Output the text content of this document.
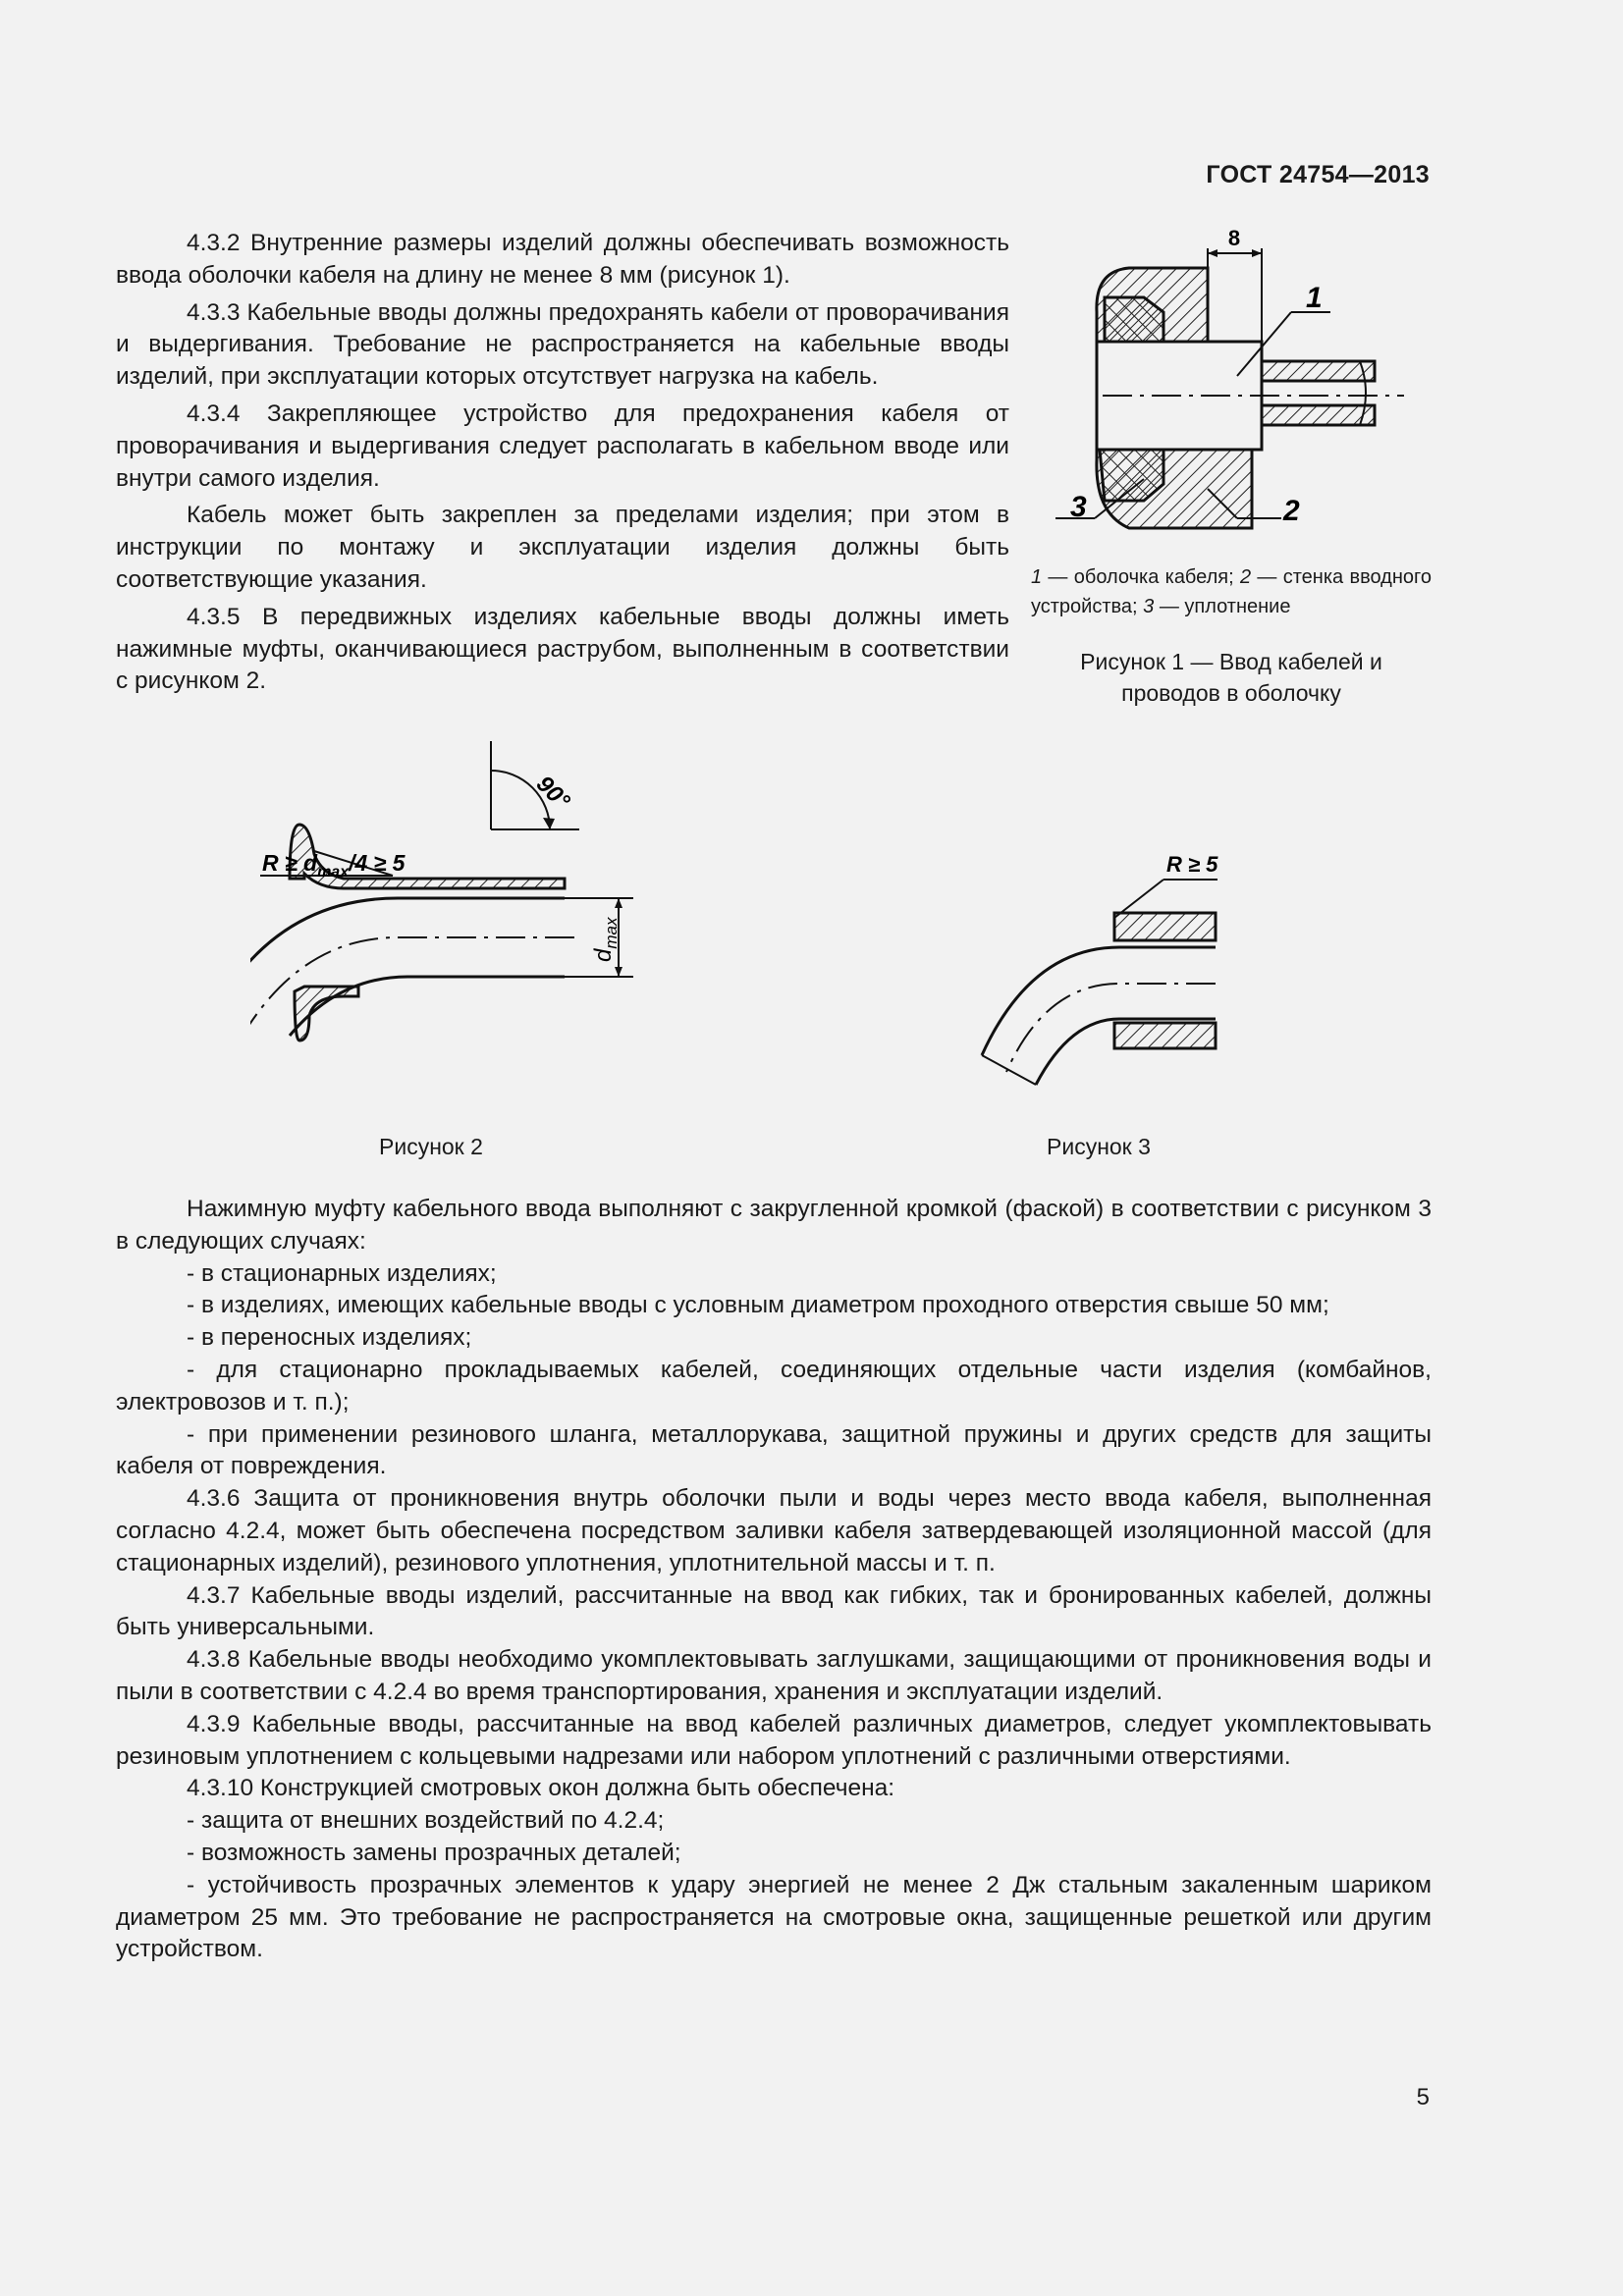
ГОСТ 24754—2013

4.3.2 Внутренние размеры изделий должны обеспечивать возможность ввода оболочки кабеля на длину не менее 8 мм (рисунок 1).

4.3.3 Кабельные вводы должны предохранять кабели от проворачивания и выдергивания. Требование не распространяется на кабельные вводы изделий, при эксплуатации которых отсутствует нагрузка на кабель.

4.3.4 Закрепляющее устройство для предохранения кабеля от проворачивания и выдергивания следует располагать в кабельном вводе или внутри самого изделия.

Кабель может быть закреплен за пределами изделия; при этом в инструкции по монтажу и эксплуатации изделия должны быть соответствующие указания.

4.3.5 В передвижных изделиях кабельные вводы должны иметь нажимные муфты, оканчивающиеся раструбом, выполненным в соответствии с рисунком 2.

8
1
2
3
1 — оболочка кабеля; 2 — стенка вводного устройства; 3 — уплотнение
Рисунок 1 — Ввод кабелей и проводов в оболочку
90°
$d_{max}$
$R \ge d_{max}/4 \ge 5$
Рисунок 2
R ≥ 5
Рисунок 3

Нажимную муфту кабельного ввода выполняют с закругленной кромкой (фаской) в соответствии с рисунком 3 в следующих случаях:

- в стационарных изделиях;

- в изделиях, имеющих кабельные вводы с условным диаметром проходного отверстия свыше 50 мм;

- в переносных изделиях;

- для стационарно прокладываемых кабелей, соединяющих отдельные части изделия (комбайнов, электровозов и т. п.);

- при применении резинового шланга, металлорукава, защитной пружины и других средств для защиты кабеля от повреждения.

4.3.6 Защита от проникновения внутрь оболочки пыли и воды через место ввода кабеля, выполненная согласно 4.2.4, может быть обеспечена посредством заливки кабеля затвердевающей изоляционной массой (для стационарных изделий), резинового уплотнения, уплотнительной массы и т. п.

4.3.7 Кабельные вводы изделий, рассчитанные на ввод как гибких, так и бронированных кабелей, должны быть универсальными.

4.3.8 Кабельные вводы необходимо укомплектовывать заглушками, защищающими от проникновения воды и пыли в соответствии с 4.2.4 во время транспортирования, хранения и эксплуатации изделий.

4.3.9 Кабельные вводы, рассчитанные на ввод кабелей различных диаметров, следует укомплектовывать резиновым уплотнением с кольцевыми надрезами или набором уплотнений с различными отверстиями.

4.3.10 Конструкцией смотровых окон должна быть обеспечена:

- защита от внешних воздействий по 4.2.4;

- возможность замены прозрачных деталей;

- устойчивость прозрачных элементов к удару энергией не менее 2 Дж стальным закаленным шариком диаметром 25 мм. Это требование не распространяется на смотровые окна, защищенные решеткой или другим устройством.

5
